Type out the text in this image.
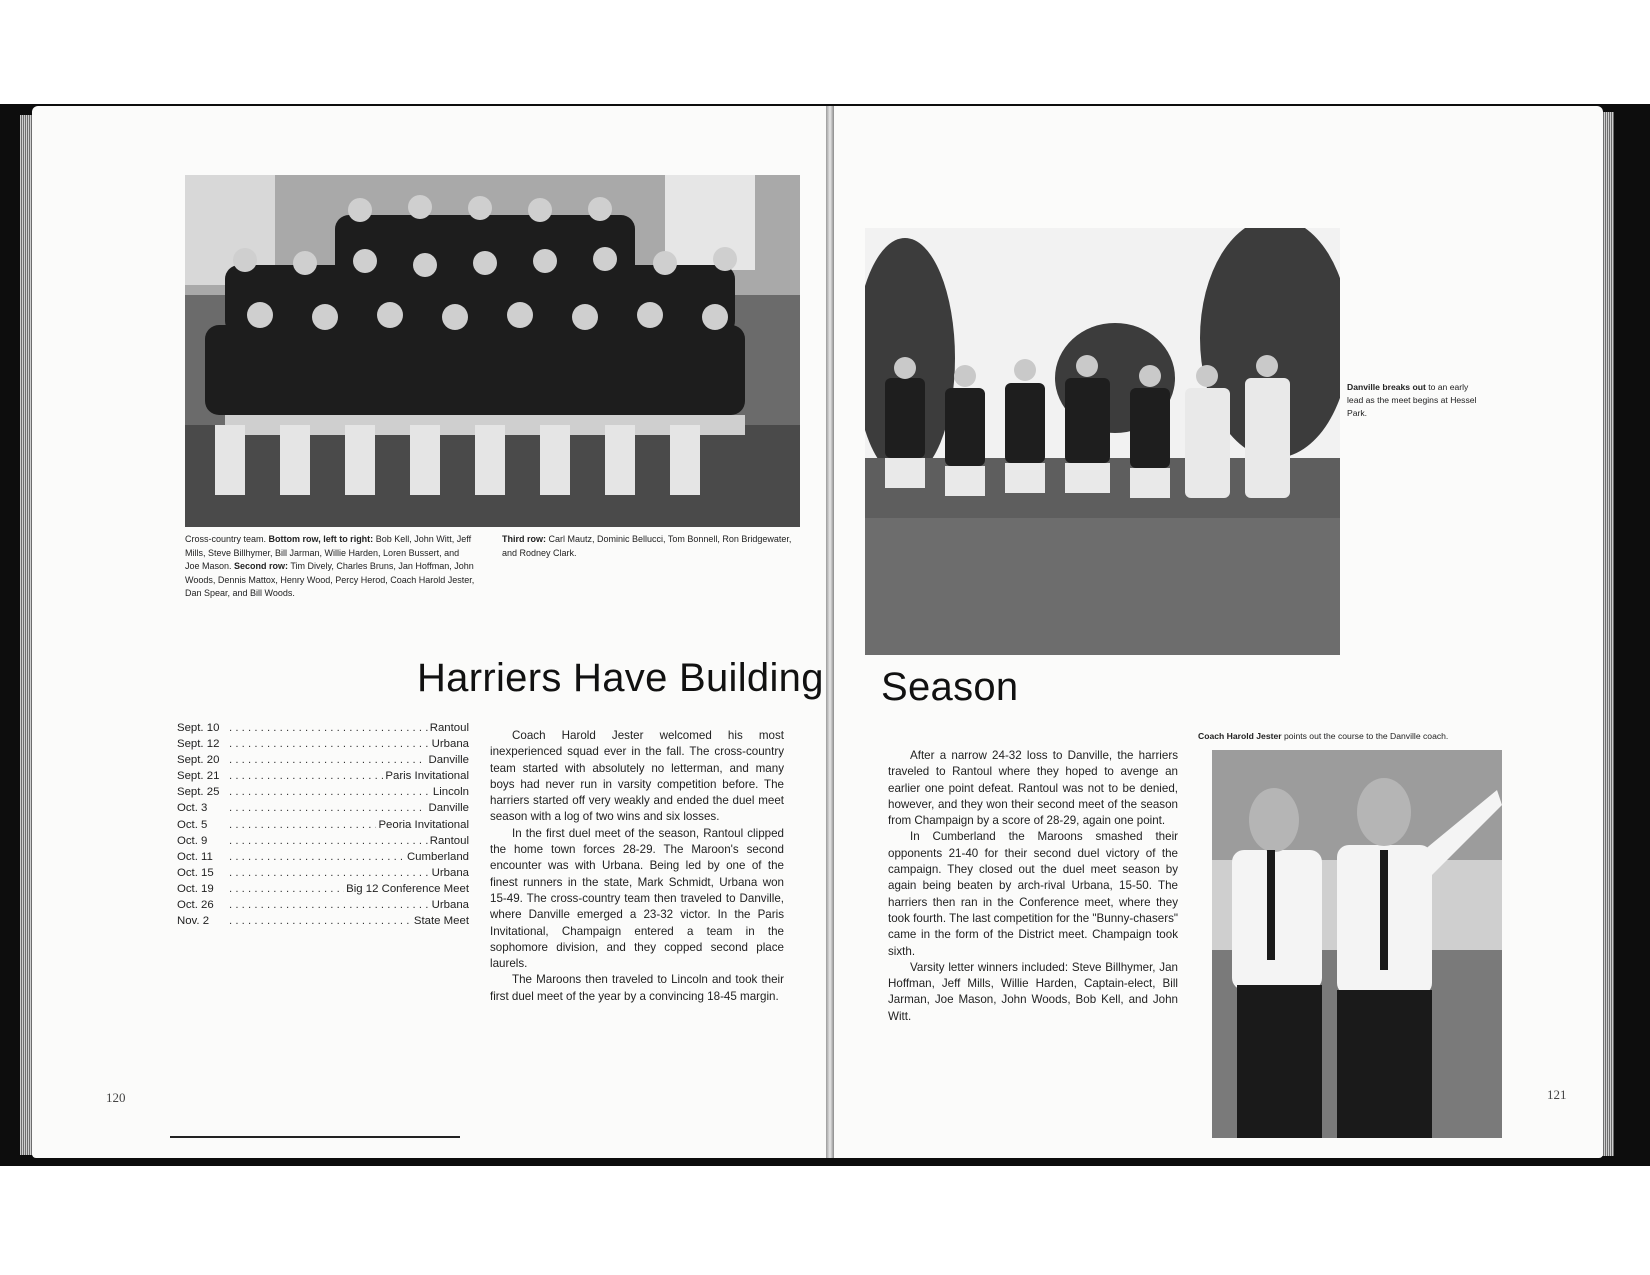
Cross-country team. Bottom row, left to right: Bob Kell, John Witt, Jeff Mills, Steve Billhymer, Bill Jarman, Willie Harden, Loren Bussert, and Joe Mason. Second row: Tim Dively, Charles Bruns, Jan Hoffman, John Woods, Dennis Mattox, Henry Wood, Percy Herod, Coach Harold Jester, Dan Spear, and Bill Woods.
Third row: Carl Mautz, Dominic Bellucci, Tom Bonnell, Ron Bridgewater, and Rodney Clark.
Harriers Have Building
Sept. 10 . . .	Rantoul
Sept. 12 . . .	Urbana
Sept. 20 . . .	Danville
Sept. 21 . . .	Paris Invitational
Sept. 25 . . .	Lincoln
Oct. 3 . . .	Danville
Oct. 5 . . .	Peoria Invitational
Oct. 9 . . .	Rantoul
Oct. 11 . . .	Cumberland
Oct. 15 . . .	Urbana
Oct. 19 . . .	Big 12 Conference Meet
Oct. 26 . . .	Urbana
Nov. 2 . . .	State Meet

Coach Harold Jester welcomed his most inexperienced squad ever in the fall. The cross-country team started with absolutely no letterman, and many boys had never run in varsity competition before. The harriers started off very weakly and ended the duel meet season with a log of two wins and six losses.

In the first duel meet of the season, Rantoul clipped the home town forces 28-29. The Maroon's second encounter was with Urbana. Being led by one of the finest runners in the state, Mark Schmidt, Urbana won 15-49. The cross-country team then traveled to Danville, where Danville emerged a 23-32 victor. In the Paris Invitational, Champaign entered a team in the sophomore division, and they copped second place laurels.

The Maroons then traveled to Lincoln and took their first duel meet of the year by a convincing 18-45 margin.

120
Danville breaks out to an early lead as the meet begins at Hessel Park.
Season
Coach Harold Jester points out the course to the Danville coach.

After a narrow 24-32 loss to Danville, the harriers traveled to Rantoul where they hoped to avenge an earlier one point defeat. Rantoul was not to be denied, however, and they won their second meet of the season from Champaign by a score of 28-29, again one point.

In Cumberland the Maroons smashed their opponents 21-40 for their second duel victory of the campaign. They closed out the duel meet season by again being beaten by arch-rival Urbana, 15-50. The harriers then ran in the Conference meet, where they took fourth. The last competition for the "Bunny-chasers" came in the form of the District meet. Champaign took sixth.

Varsity letter winners included: Steve Billhymer, Jan Hoffman, Jeff Mills, Willie Harden, Captain-elect, Bill Jarman, Joe Mason, John Woods, Bob Kell, and John Witt.

121
